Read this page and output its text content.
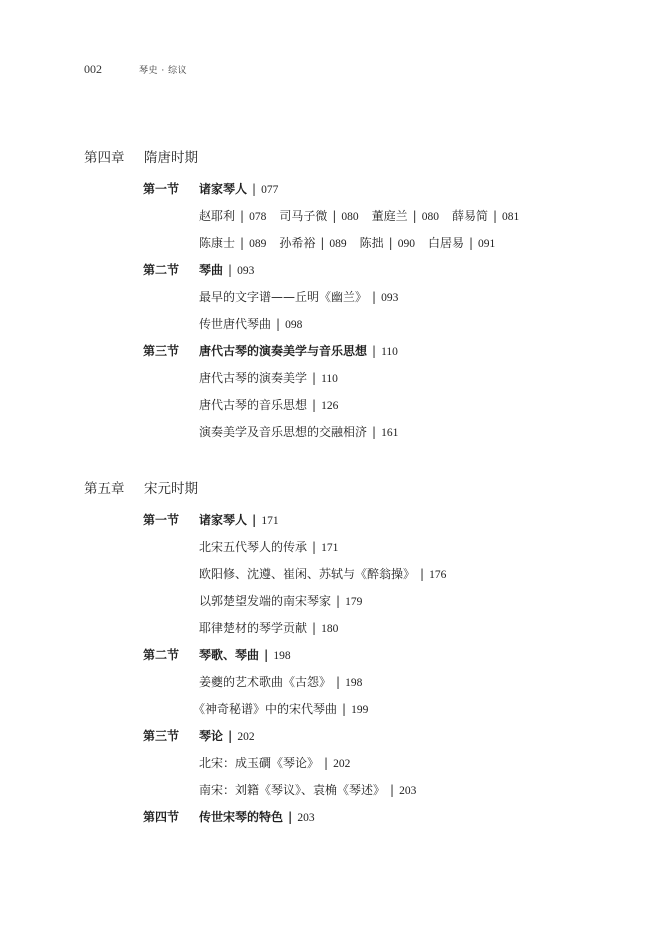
002	琴史 · 综议
第四章 隋唐时期
第一节 诸家琴人 | 077
赵耶利 | 078 司马子微 | 080 董庭兰 | 080 薛易简 | 081
陈康士 | 089 孙希裕 | 089 陈拙 | 090 白居易 | 091
第二节 琴曲 | 093
最早的文字谱——丘明《幽兰》 | 093
传世唐代琴曲 | 098
第三节 唐代古琴的演奏美学与音乐思想 | 110
唐代古琴的演奏美学 | 110
唐代古琴的音乐思想 | 126
演奏美学及音乐思想的交融相济 | 161
第五章 宋元时期
第一节 诸家琴人 | 171
北宋五代琴人的传承 | 171
欧阳修、沈遵、崔闲、苏轼与《醉翁操》 | 176
以郭楚望发端的南宋琴家 | 179
耶律楚材的琴学贡献 | 180
第二节 琴歌、琴曲 | 198
姜夔的艺术歌曲《古怨》 | 198
《神奇秘谱》中的宋代琴曲 | 199
第三节 琴论 | 202
北宋：成玉磵《琴论》 | 202
南宋：刘籍《琴议》、袁桷《琴述》 | 203
第四节 传世宋琴的特色 | 203
